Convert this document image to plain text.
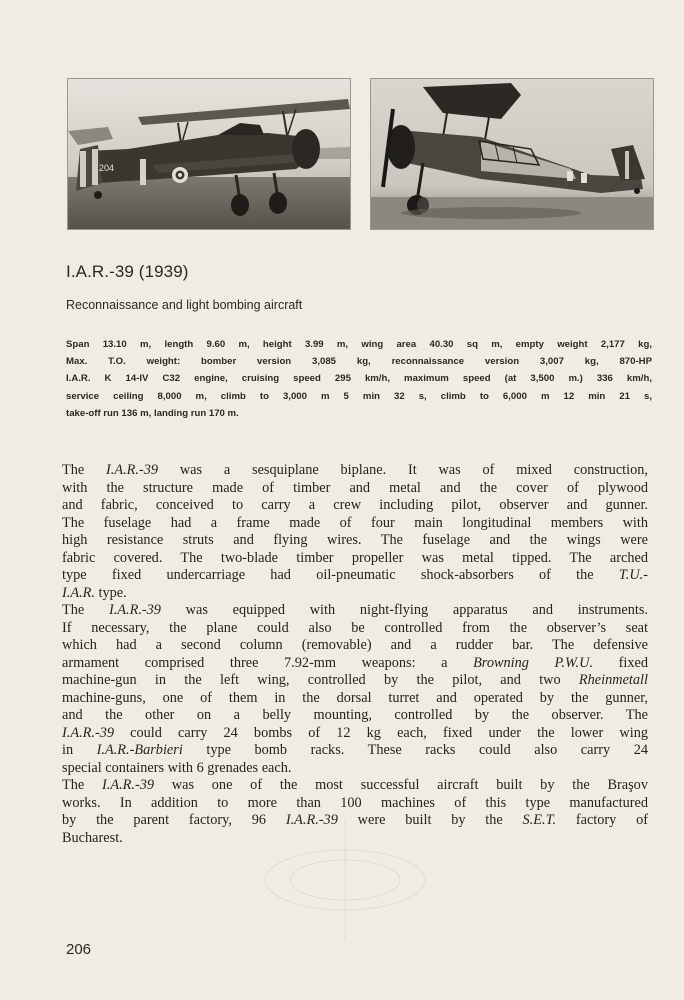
204
I.A.R.-39 (1939)

Reconnaissance and light bombing aircraft

Span 13.10 m, length 9.60 m, height 3.99 m, wing area 40.30 sq m, empty weight 2,177 kg,
Max. T.O. weight: bomber version 3,085 kg, reconnaissance version 3,007 kg, 870-HP
I.A.R. K 14-IV C32 engine, cruising speed 295 km/h, maximum speed (at 3,500 m.) 336 km/h,
service ceiling 8,000 m, climb to 3,000 m 5 min 32 s, climb to 6,000 m 12 min 21 s,
take-off run 136 m, landing run 170 m.
The I.A.R.-39 was a sesquiplane biplane. It was of mixed construction,
with the structure made of timber and metal and the cover of plywood
and fabric, conceived to carry a crew including pilot, observer and gunner.
The fuselage had a frame made of four main longitudinal members with
high resistance struts and flying wires. The fuselage and the wings were
fabric covered. The two-blade timber propeller was metal tipped. The arched
type fixed undercarriage had oil-pneumatic shock-absorbers of the T.U.-
I.A.R. type.
The I.A.R.-39 was equipped with night-flying apparatus and instruments.
If necessary, the plane could also be controlled from the observer’s seat
which had a second column (removable) and a rudder bar. The defensive
armament comprised three 7.92-mm weapons: a Browning P.W.U. fixed
machine-gun in the left wing, controlled by the pilot, and two Rheinmetall
machine-guns, one of them in the dorsal turret and operated by the gunner,
and the other on a belly mounting, controlled by the observer. The
I.A.R.-39 could carry 24 bombs of 12 kg each, fixed under the lower wing
in I.A.R.-Barbieri type bomb racks. These racks could also carry 24
special containers with 6 grenades each.
The I.A.R.-39 was one of the most successful aircraft built by the Braşov
works. In addition to more than 100 machines of this type manufactured
by the parent factory, 96 I.A.R.-39 were built by the S.E.T. factory of
Bucharest.
206
